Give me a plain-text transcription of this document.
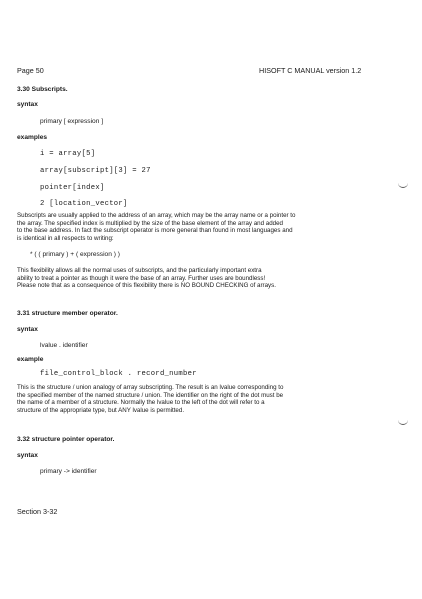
Page 50	HISOFT C MANUAL version 1.2
3.30 Subscripts.
syntax
primary [ expression ]
examples
i = array[5]
array[subscript][3] = 27
pointer[index]
2 [location_vector]
Subscripts are usually applied to the address of an array, which may be the array name or a pointer to
the array. The specified index is multiplied by the size of the base element of the array and added
to the base address. In fact the subscript operator is more general than found in most languages and
is identical in all respects to writing:
* ( ( primary ) + ( expression ) )
This flexibility allows all the normal uses of subscripts, and the particularly important extra
ability to treat a pointer as though it were the base of an array. Further uses are boundless!
Please note that as a consequence of this flexibility there is NO BOUND CHECKING of arrays.
3.31 structure member operator.
syntax
lvalue . identifier
example
file_control_block . record_number
This is the structure / union analogy of array subscripting. The result is an lvalue corresponding to
the specified member of the named structure / union. The identifier on the right of the dot must be
the name of a member of a structure. Normally the lvalue to the left of the dot will refer to a
structure of the appropriate type, but ANY lvalue is permitted.
3.32 structure pointer operator.
syntax
primary -> identifier
Section 3-32
